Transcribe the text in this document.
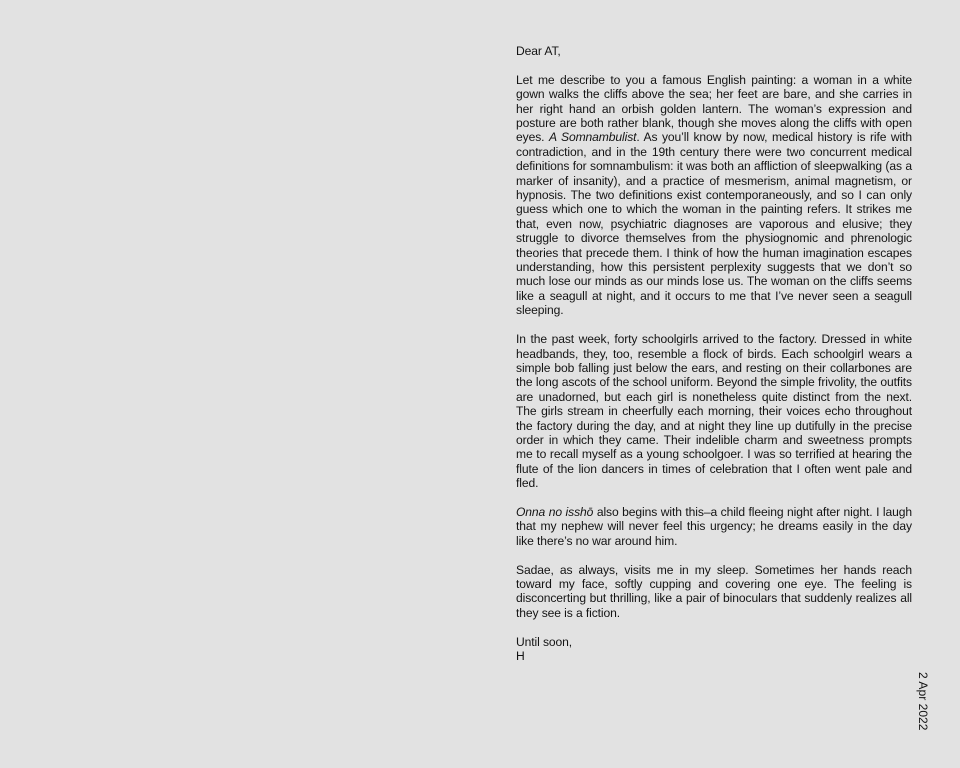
Dear AT,

Let me describe to you a famous English painting: a woman in a white gown walks the cliffs above the sea; her feet are bare, and she carries in her right hand an orbish golden lantern. The woman’s expression and posture are both rather blank, though she moves along the cliffs with open eyes. A Somnambulist. As you’ll know by now, medical history is rife with contradiction, and in the 19th century there were two concurrent medical definitions for somnambulism: it was both an affliction of sleepwalking (as a marker of insanity), and a practice of mesmerism, animal magnetism, or hypnosis. The two definitions exist contemporaneously, and so I can only guess which one to which the woman in the painting refers. It strikes me that, even now, psychiatric diagnoses are vaporous and elusive; they struggle to divorce themselves from the physiognomic and phrenologic theories that precede them. I think of how the human imagination escapes understanding, how this persistent perplexity suggests that we don’t so much lose our minds as our minds lose us. The woman on the cliffs seems like a seagull at night, and it occurs to me that I’ve never seen a seagull sleeping.

In the past week, forty schoolgirls arrived to the factory. Dressed in white headbands, they, too, resemble a flock of birds. Each schoolgirl wears a simple bob falling just below the ears, and resting on their collarbones are the long ascots of the school uniform. Beyond the simple frivolity, the outfits are unadorned, but each girl is nonetheless quite distinct from the next. The girls stream in cheerfully each morning, their voices echo throughout the factory during the day, and at night they line up dutifully in the precise order in which they came. Their indelible charm and sweetness prompts me to recall myself as a young schoolgoer. I was so terrified at hearing the flute of the lion dancers in times of celebration that I often went pale and fled.

Onna no isshō also begins with this–a child fleeing night after night. I laugh that my nephew will never feel this urgency; he dreams easily in the day like there’s no war around him.

Sadae, as always, visits me in my sleep. Sometimes her hands reach toward my face, softly cupping and covering one eye. The feeling is disconcerting but thrilling, like a pair of binoculars that suddenly realizes all they see is a fiction.

Until soon,

H

2 Apr 2022
